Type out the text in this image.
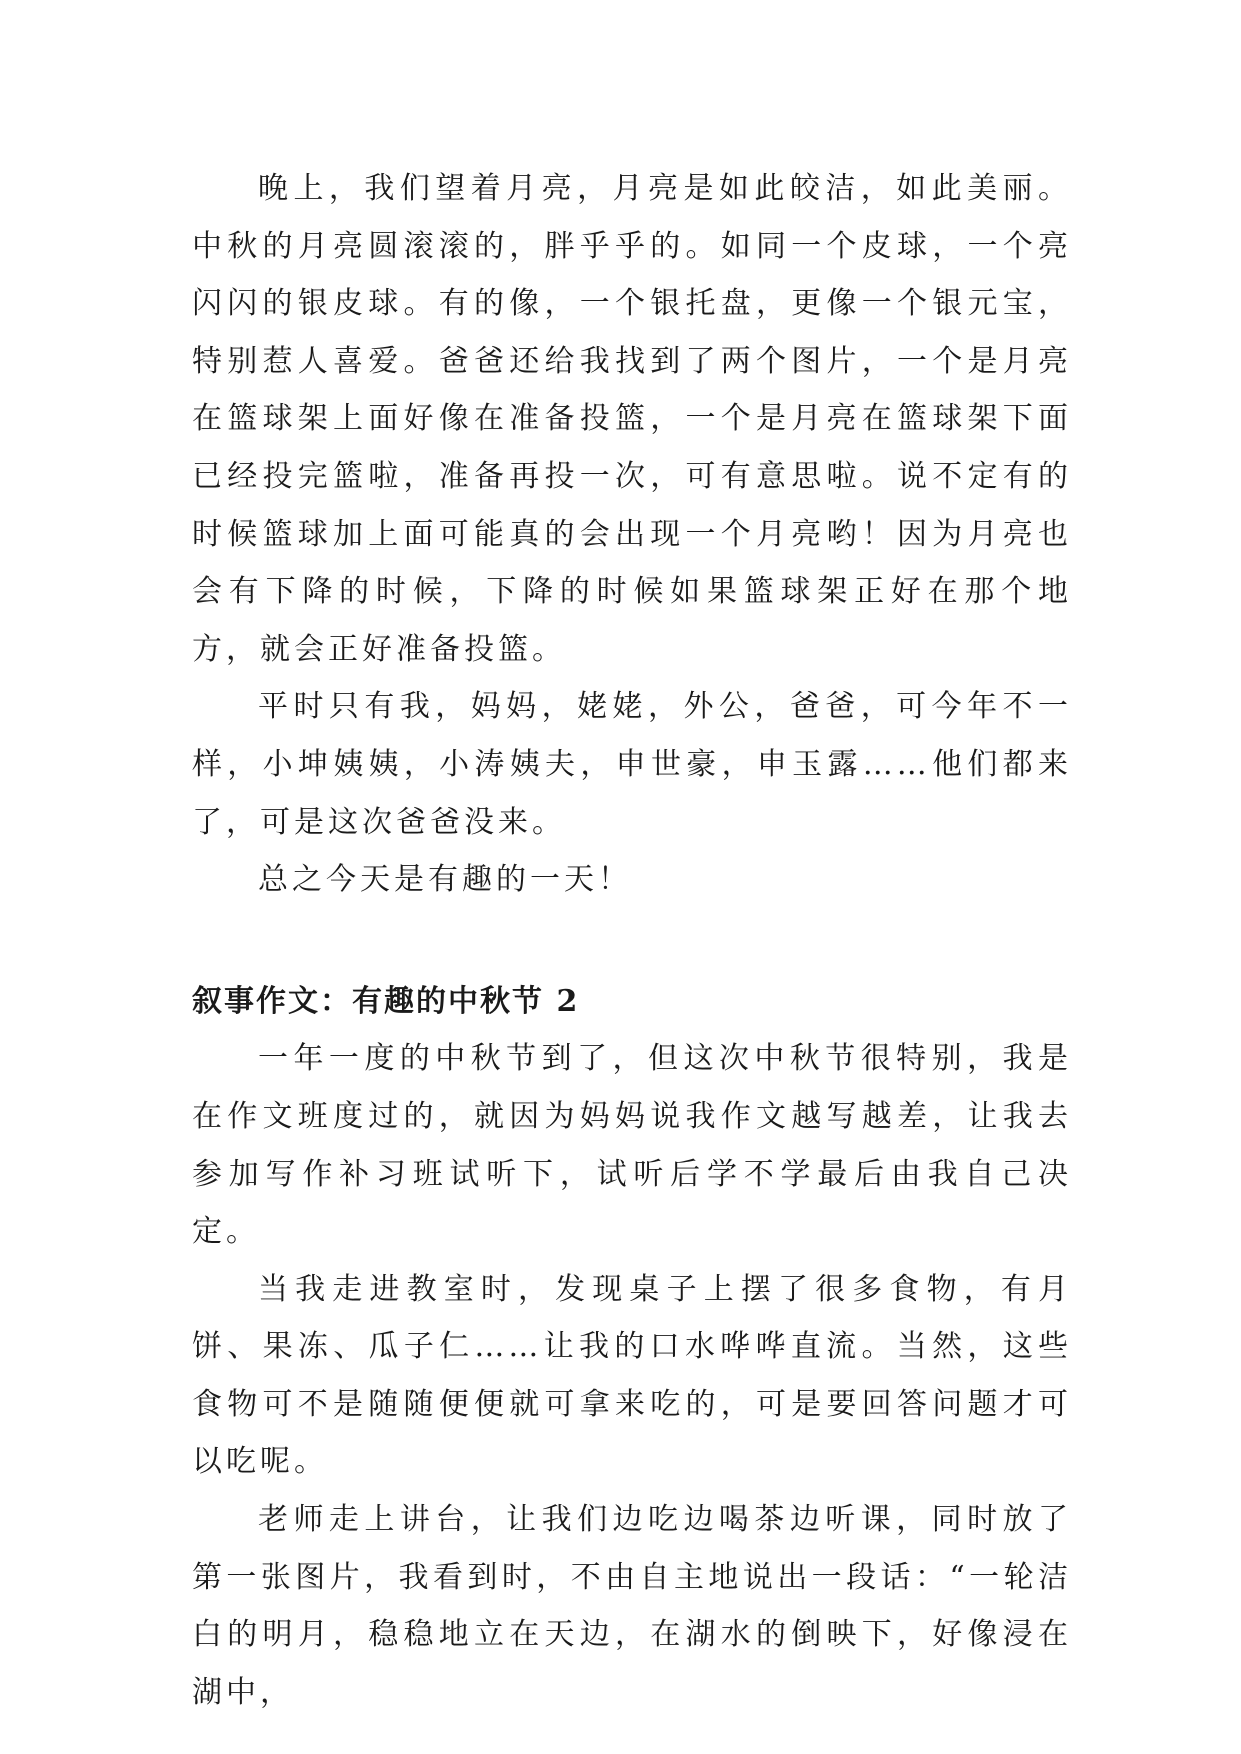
晚上，我们望着月亮，月亮是如此皎洁，如此美丽。中秋的月亮圆滚滚的，胖乎乎的。如同一个皮球，一个亮闪闪的银皮球。有的像，一个银托盘，更像一个银元宝，特别惹人喜爱。爸爸还给我找到了两个图片，一个是月亮在篮球架上面好像在准备投篮，一个是月亮在篮球架下面已经投完篮啦，准备再投一次，可有意思啦。说不定有的时候篮球加上面可能真的会出现一个月亮哟！因为月亮也会有下降的时候，下降的时候如果篮球架正好在那个地方，就会正好准备投篮。

平时只有我，妈妈，姥姥，外公，爸爸，可今年不一样，小坤姨姨，小涛姨夫，申世豪，申玉露……他们都来了，可是这次爸爸没来。

总之今天是有趣的一天！

叙事作文：有趣的中秋节 2

一年一度的中秋节到了，但这次中秋节很特别，我是在作文班度过的，就因为妈妈说我作文越写越差，让我去参加写作补习班试听下，试听后学不学最后由我自己决定。

当我走进教室时，发现桌子上摆了很多食物，有月饼、果冻、瓜子仁……让我的口水哗哗直流。当然，这些食物可不是随随便便就可拿来吃的，可是要回答问题才可以吃呢。

老师走上讲台，让我们边吃边喝茶边听课，同时放了第一张图片，我看到时，不由自主地说出一段话：“一轮洁白的明月，稳稳地立在天边，在湖水的倒映下，好像浸在湖中，
